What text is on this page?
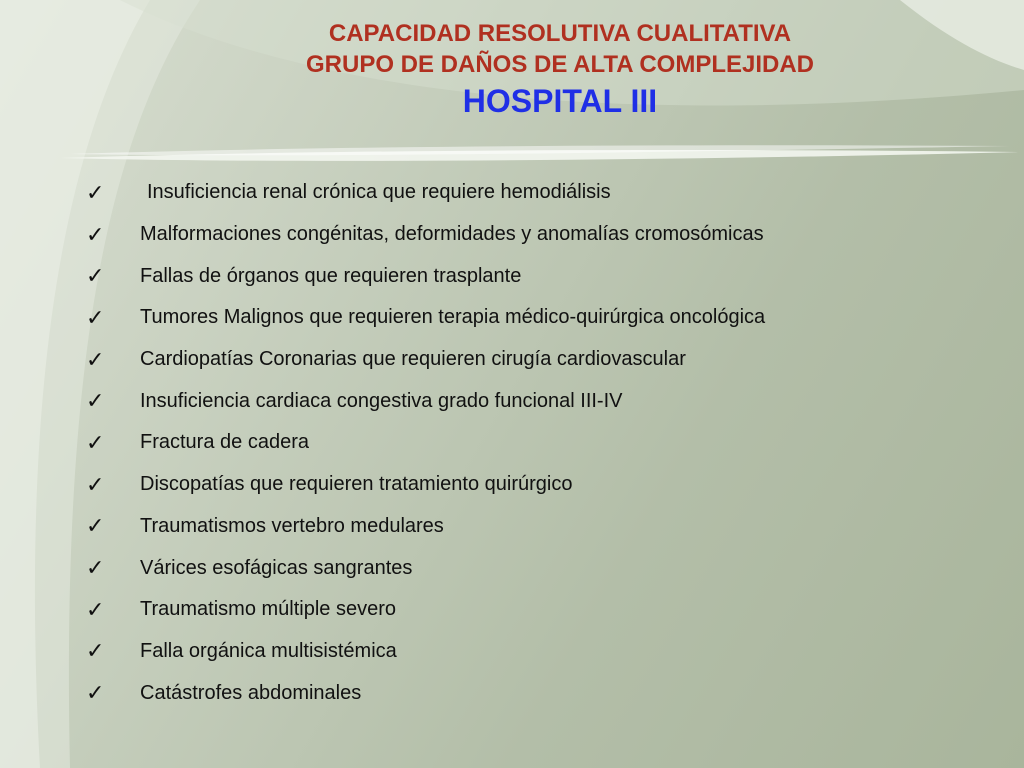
CAPACIDAD RESOLUTIVA CUALITATIVA
GRUPO DE DAÑOS DE ALTA COMPLEJIDAD
HOSPITAL III
✓	Insuficiencia renal crónica que requiere hemodiálisis
✓	Malformaciones congénitas, deformidades y anomalías cromosómicas
✓	Fallas de órganos que requieren trasplante
✓	Tumores Malignos que requieren terapia médico-quirúrgica oncológica
✓	Cardiopatías Coronarias que requieren cirugía cardiovascular
✓	Insuficiencia cardiaca congestiva grado funcional III-IV
✓	Fractura de cadera
✓	Discopatías que requieren tratamiento quirúrgico
✓	Traumatismos vertebro medulares
✓	Várices esofágicas sangrantes
✓	Traumatismo múltiple severo
✓	Falla orgánica multisistémica
✓	Catástrofes abdominales
